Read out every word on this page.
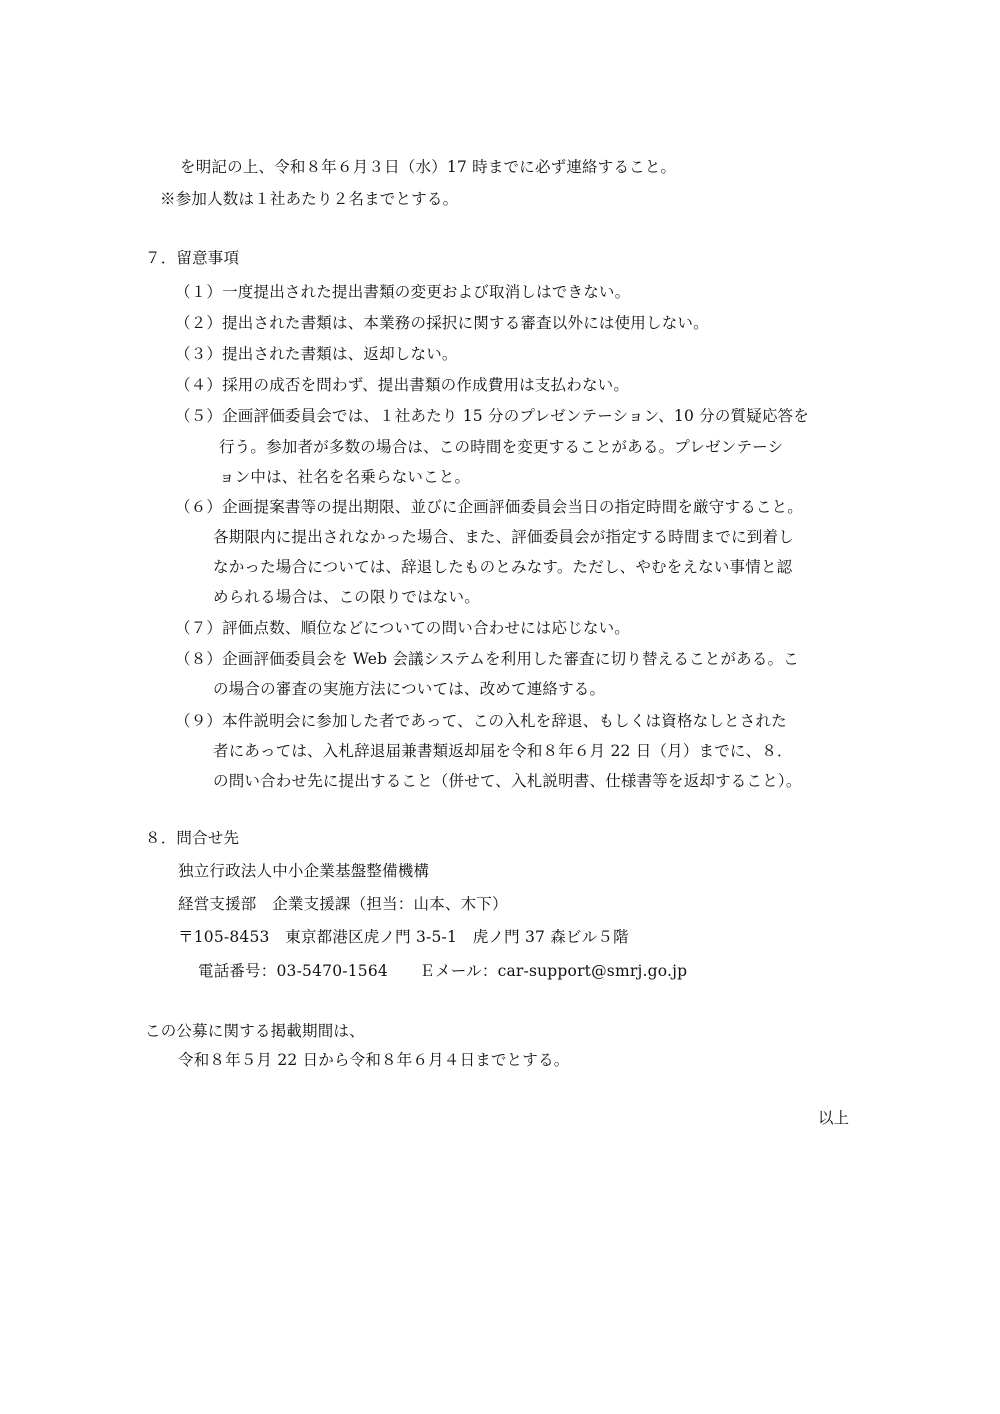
を明記の上、令和８年６月３日（水）17 時までに必ず連絡すること。
※参加人数は１社あたり２名までとする。
７．留意事項
（１）一度提出された提出書類の変更および取消しはできない。
（２）提出された書類は、本業務の採択に関する審査以外には使用しない。
（３）提出された書類は、返却しない。
（４）採用の成否を問わず、提出書類の作成費用は支払わない。
（５）企画評価委員会では、１社あたり 15 分のプレゼンテーション、10 分の質疑応答を
行う。参加者が多数の場合は、この時間を変更することがある。プレゼンテーシ
ョン中は、社名を名乗らないこと。
（６）企画提案書等の提出期限、並びに企画評価委員会当日の指定時間を厳守すること。
各期限内に提出されなかった場合、また、評価委員会が指定する時間までに到着し
なかった場合については、辞退したものとみなす。ただし、やむをえない事情と認
められる場合は、この限りではない。
（７）評価点数、順位などについての問い合わせには応じない。
（８）企画評価委員会を Web 会議システムを利用した審査に切り替えることがある。こ
の場合の審査の実施方法については、改めて連絡する。
（９）本件説明会に参加した者であって、この入札を辞退、もしくは資格なしとされた
者にあっては、入札辞退届兼書類返却届を令和８年６月 22 日（月）までに、８．
の問い合わせ先に提出すること（併せて、入札説明書、仕様書等を返却すること）。
８．問合せ先
独立行政法人中小企業基盤整備機構
経営支援部　企業支援課（担当：山本、木下）
〒105-8453　東京都港区虎ノ門 3-5-1　虎ノ門 37 森ビル５階
電話番号：03-5470-1564　　Ｅメール：car-support@smrj.go.jp
この公募に関する掲載期間は、
令和８年５月 22 日から令和８年６月４日までとする。
以上
